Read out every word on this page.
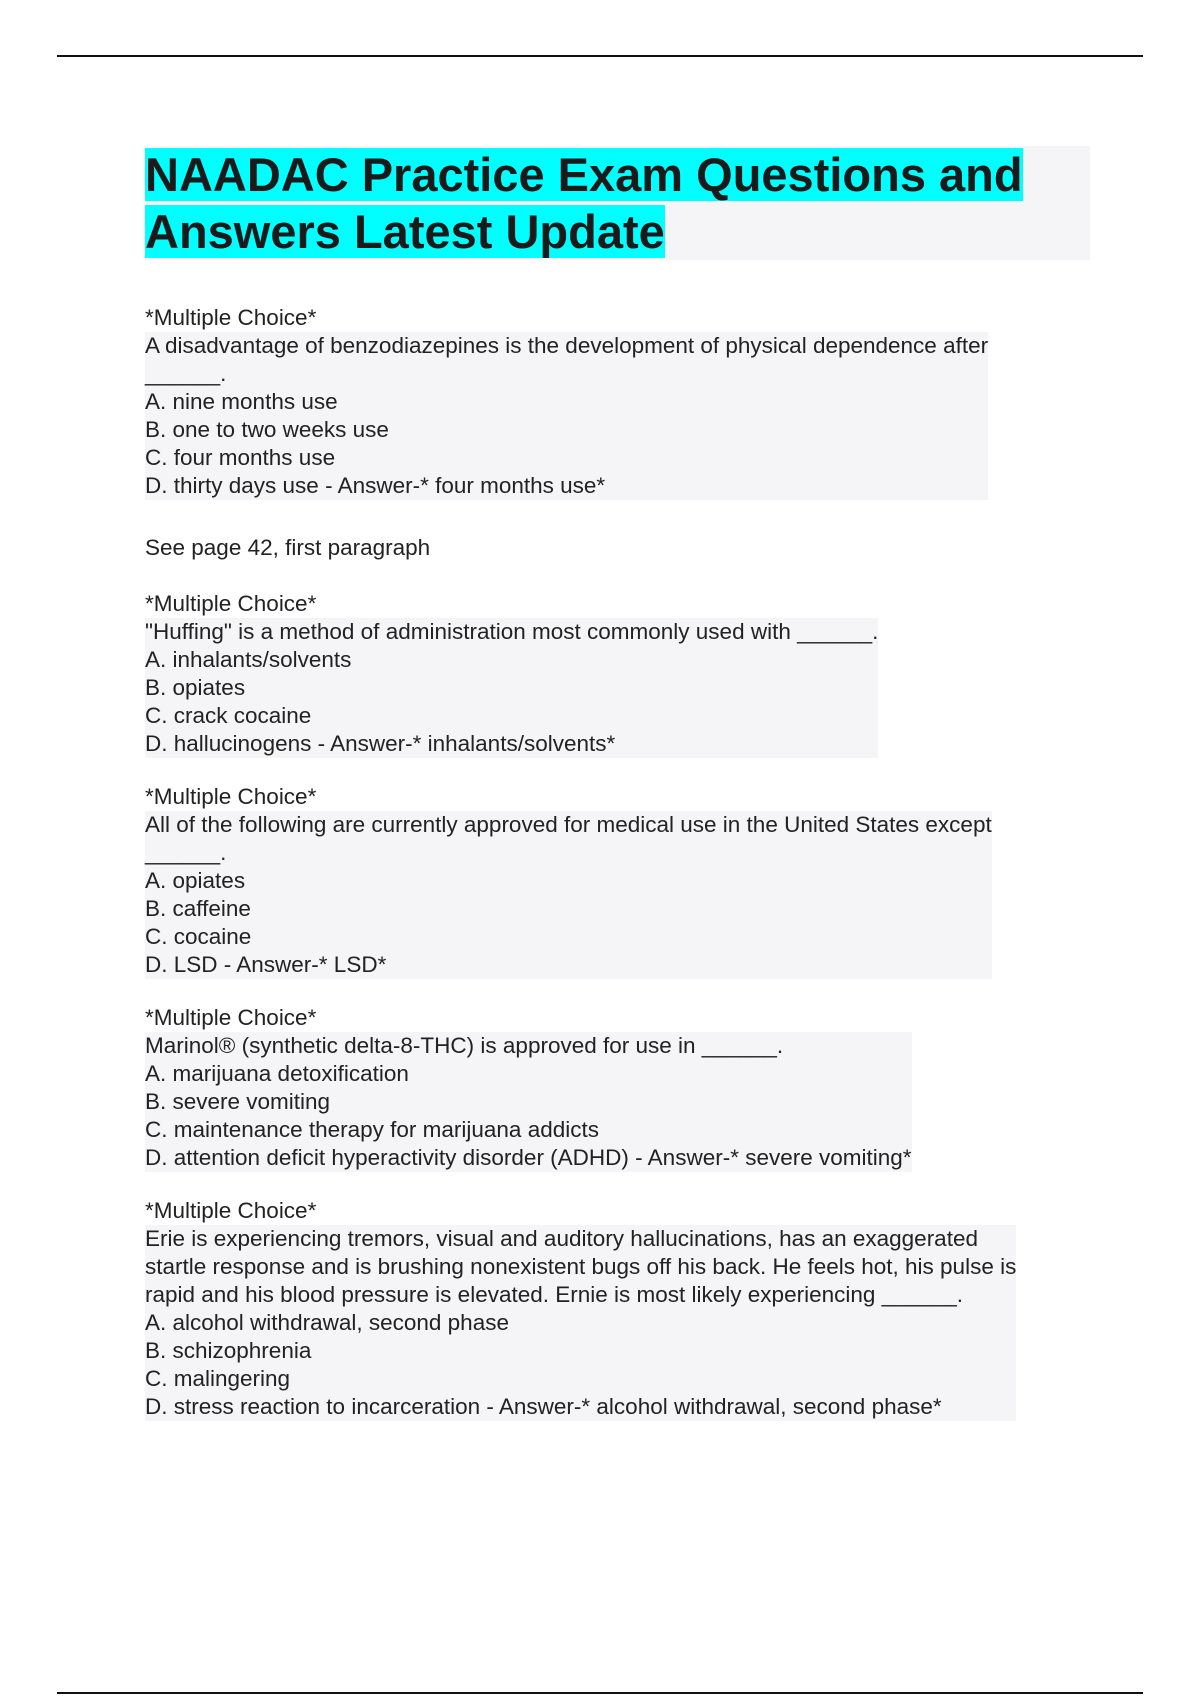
NAADAC Practice Exam Questions and
Answers Latest Update
*Multiple Choice*
A disadvantage of benzodiazepines is the development of physical dependence after
______.
A. nine months use
B. one to two weeks use
C. four months use
D. thirty days use - Answer-* four months use*
See page 42, first paragraph
*Multiple Choice*
"Huffing" is a method of administration most commonly used with ______.
A. inhalants/solvents
B. opiates
C. crack cocaine
D. hallucinogens - Answer-* inhalants/solvents*
*Multiple Choice*
All of the following are currently approved for medical use in the United States except
______.
A. opiates
B. caffeine
C. cocaine
D. LSD - Answer-* LSD*
*Multiple Choice*
Marinol® (synthetic delta-8-THC) is approved for use in ______.
A. marijuana detoxification
B. severe vomiting
C. maintenance therapy for marijuana addicts
D. attention deficit hyperactivity disorder (ADHD) - Answer-* severe vomiting*
*Multiple Choice*
Erie is experiencing tremors, visual and auditory hallucinations, has an exaggerated
startle response and is brushing nonexistent bugs off his back. He feels hot, his pulse is
rapid and his blood pressure is elevated. Ernie is most likely experiencing ______.
A. alcohol withdrawal, second phase
B. schizophrenia
C. malingering
D. stress reaction to incarceration - Answer-* alcohol withdrawal, second phase*
